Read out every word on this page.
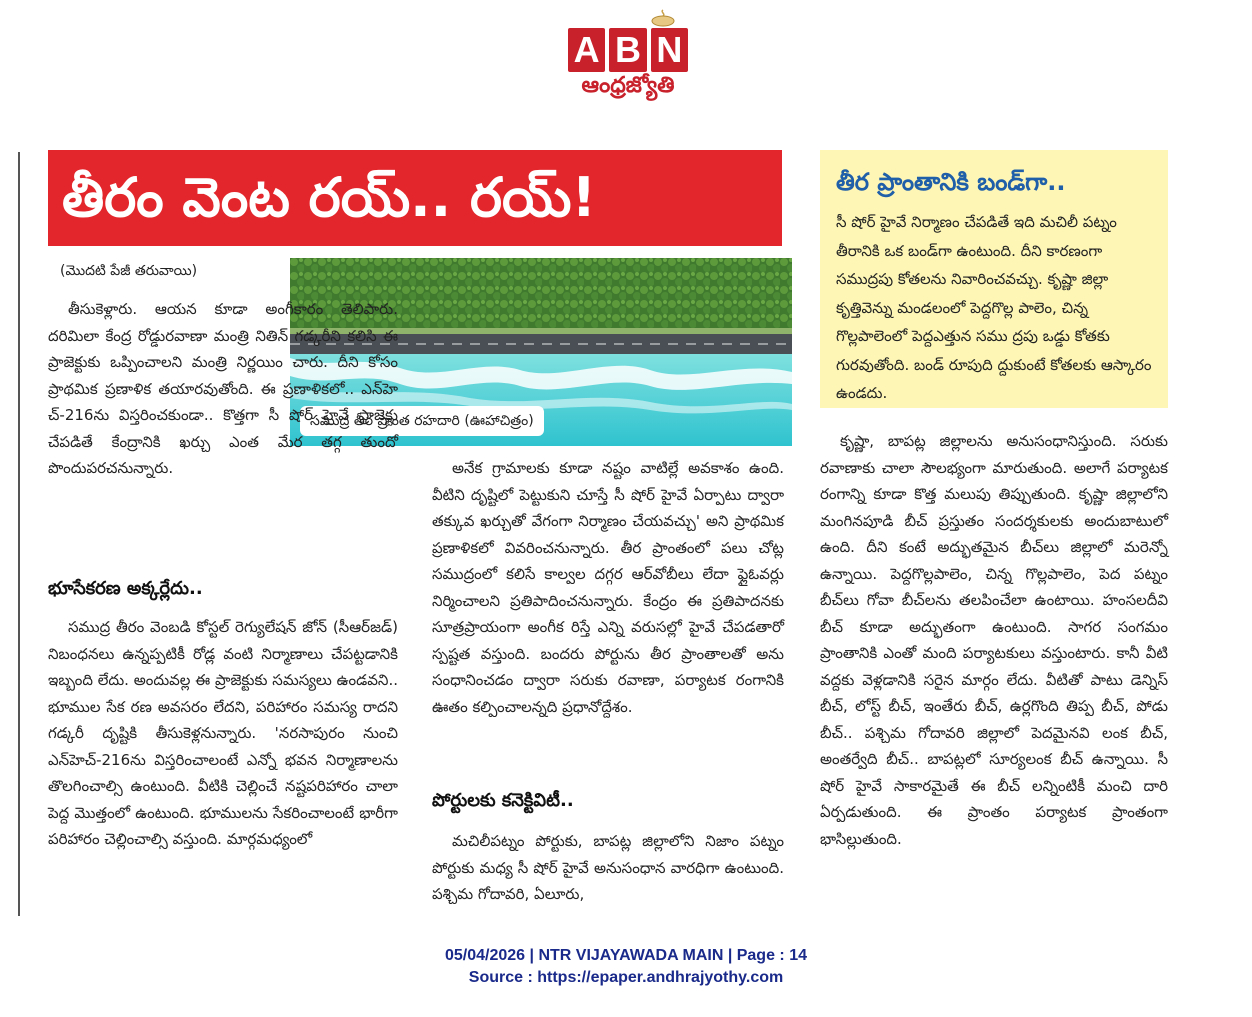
A B N
ఆంధ్రజ్యోతి
తీరం వెంట రయ్.. రయ్!	తీర ప్రాంతానికి బండ్‌గా..
సీ షోర్ హైవే నిర్మాణం చేపడితే ఇది మచిలీ పట్నం తీరానికి ఒక బండ్‌గా ఉంటుంది. దీని కారణంగా సముద్రపు కోతలను నివారించవచ్చు. కృష్ణా జిల్లా కృత్తివెన్ను మండలంలో పెద్దగొల్ల పాలెం, చిన్న గొల్లపాలెంలో పెద్దఎత్తున సము ద్రపు ఒడ్డు కోతకు గురవుతోంది. బండ్ రూపుది ద్దుకుంటే కోతలకు ఆస్కారం ఉండదు.
(మొదటి పేజీ తరువాయి)
సముద్ర తీర ప్రాంత రహదారి (ఊహాచిత్రం)

తీసుకెళ్లారు. ఆయన కూడా అంగీకారం తెలిపారు. దరిమిలా కేంద్ర రోడ్డురవాణా మంత్రి నితిన్ గడ్కరీని కలిసి ఈ ప్రాజెక్టుకు ఒప్పించాలని మంత్రి నిర్ణయిం చారు. దీని కోసం ప్రాథమిక ప్రణాళిక తయారవుతోంది. ఈ ప్రణాళికలో.. ఎన్‌హె చ్-216ను విస్తరించకుండా.. కొత్తగా సీ షోర్ హైవే ప్రాజెక్టు చేపడితే కేంద్రానికి ఖర్చు ఎంత మేర తగ్గ తుందో పొందుపరచనున్నారు.

భూసేకరణ అక్కర్లేదు..

సముద్ర తీరం వెంబడి కోస్టల్ రెగ్యులేషన్ జోన్ (సీఆర్‌జడ్) నిబంధనలు ఉన్నప్పటికీ రోడ్ల వంటి నిర్మాణాలు చేపట్టడానికి ఇబ్బంది లేదు. అందువల్ల ఈ ప్రాజెక్టుకు సమస్యలు ఉండవని.. భూముల సేక రణ అవసరం లేదని, పరిహారం సమస్య రాదని గడ్కరీ దృష్టికి తీసుకెళ్లనున్నారు. 'నరసాపురం నుంచి ఎన్‌హెచ్-216ను విస్తరించాలంటే ఎన్నో భవన నిర్మాణాలను తొలగించాల్సి ఉంటుంది. వీటికి చెల్లించే నష్టపరిహారం చాలా పెద్ద మొత్తంలో ఉంటుంది. భూములను సేకరించాలంటే భారీగా పరిహారం చెల్లించాల్సి వస్తుంది. మార్గమధ్యంలో

అనేక గ్రామాలకు కూడా నష్టం వాటిల్లే అవకాశం ఉంది. వీటిని దృష్టిలో పెట్టుకుని చూస్తే సీ షోర్ హైవే ఏర్పాటు ద్వారా తక్కువ ఖర్చుతో వేగంగా నిర్మాణం చేయవచ్చు' అని ప్రాథమిక ప్రణాళికలో వివరించనున్నారు. తీర ప్రాంతంలో పలు చోట్ల సముద్రంలో కలిసే కాల్వల దగ్గర ఆర్‌వోబీలు లేదా ఫ్లైఓవర్లు నిర్మించాలని ప్రతిపాదించనున్నారు. కేంద్రం ఈ ప్రతిపాదనకు సూత్రప్రాయంగా అంగీక రిస్తే ఎన్ని వరుసల్లో హైవే చేపడతారో స్పష్టత వస్తుంది. బందరు పోర్టును తీర ప్రాంతాలతో అను సంధానించడం ద్వారా సరుకు రవాణా, పర్యాటక రంగానికి ఊతం కల్పించాలన్నది ప్రధానోద్దేశం.

పోర్టులకు కనెక్టివిటీ..

మచిలీపట్నం పోర్టుకు, బాపట్ల జిల్లాలోని నిజాం పట్నం పోర్టుకు మధ్య సీ షోర్ హైవే అనుసంధాన వారధిగా ఉంటుంది. పశ్చిమ గోదావరి, ఏలూరు,

కృష్ణా, బాపట్ల జిల్లాలను అనుసంధానిస్తుంది. సరుకు రవాణాకు చాలా సౌలభ్యంగా మారుతుంది. అలాగే పర్యాటక రంగాన్ని కూడా కొత్త మలుపు తిప్పుతుంది. కృష్ణా జిల్లాలోని మంగినపూడి బీచ్ ప్రస్తుతం సందర్శకులకు అందుబాటులో ఉంది. దీని కంటే అద్భుతమైన బీచ్‌లు జిల్లాలో మరెన్నో ఉన్నాయి. పెద్దగొల్లపాలెం, చిన్న గొల్లపాలెం, పెద పట్నం బీచ్‌లు గోవా బీచ్‌లను తలపించేలా ఉంటాయి. హంసలదీవి బీచ్ కూడా అద్భుతంగా ఉంటుంది. సాగర సంగమం ప్రాంతానికి ఎంతో మంది పర్యాటకులు వస్తుంటారు. కానీ వీటి వద్దకు వెళ్లడానికి సరైన మార్గం లేదు. వీటితో పాటు డెన్నిస్ బీచ్, లోస్ట్ బీచ్, ఇంతేరు బీచ్, ఉర్లగొంది తిప్ప బీచ్, పోడు బీచ్.. పశ్చిమ గోదావరి జిల్లాలో పెదమైనవి లంక బీచ్, అంతర్వేది బీచ్.. బాపట్లలో సూర్యలంక బీచ్ ఉన్నాయి. సీ షోర్ హైవే సాకారమైతే ఈ బీచ్ లన్నింటికీ మంచి దారి ఏర్పడుతుంది. ఈ ప్రాంతం పర్యాటక ప్రాంతంగా భాసిల్లుతుంది.

05/04/2026 | NTR VIJAYAWADA MAIN | Page : 14
Source : https://epaper.andhrajyothy.com
